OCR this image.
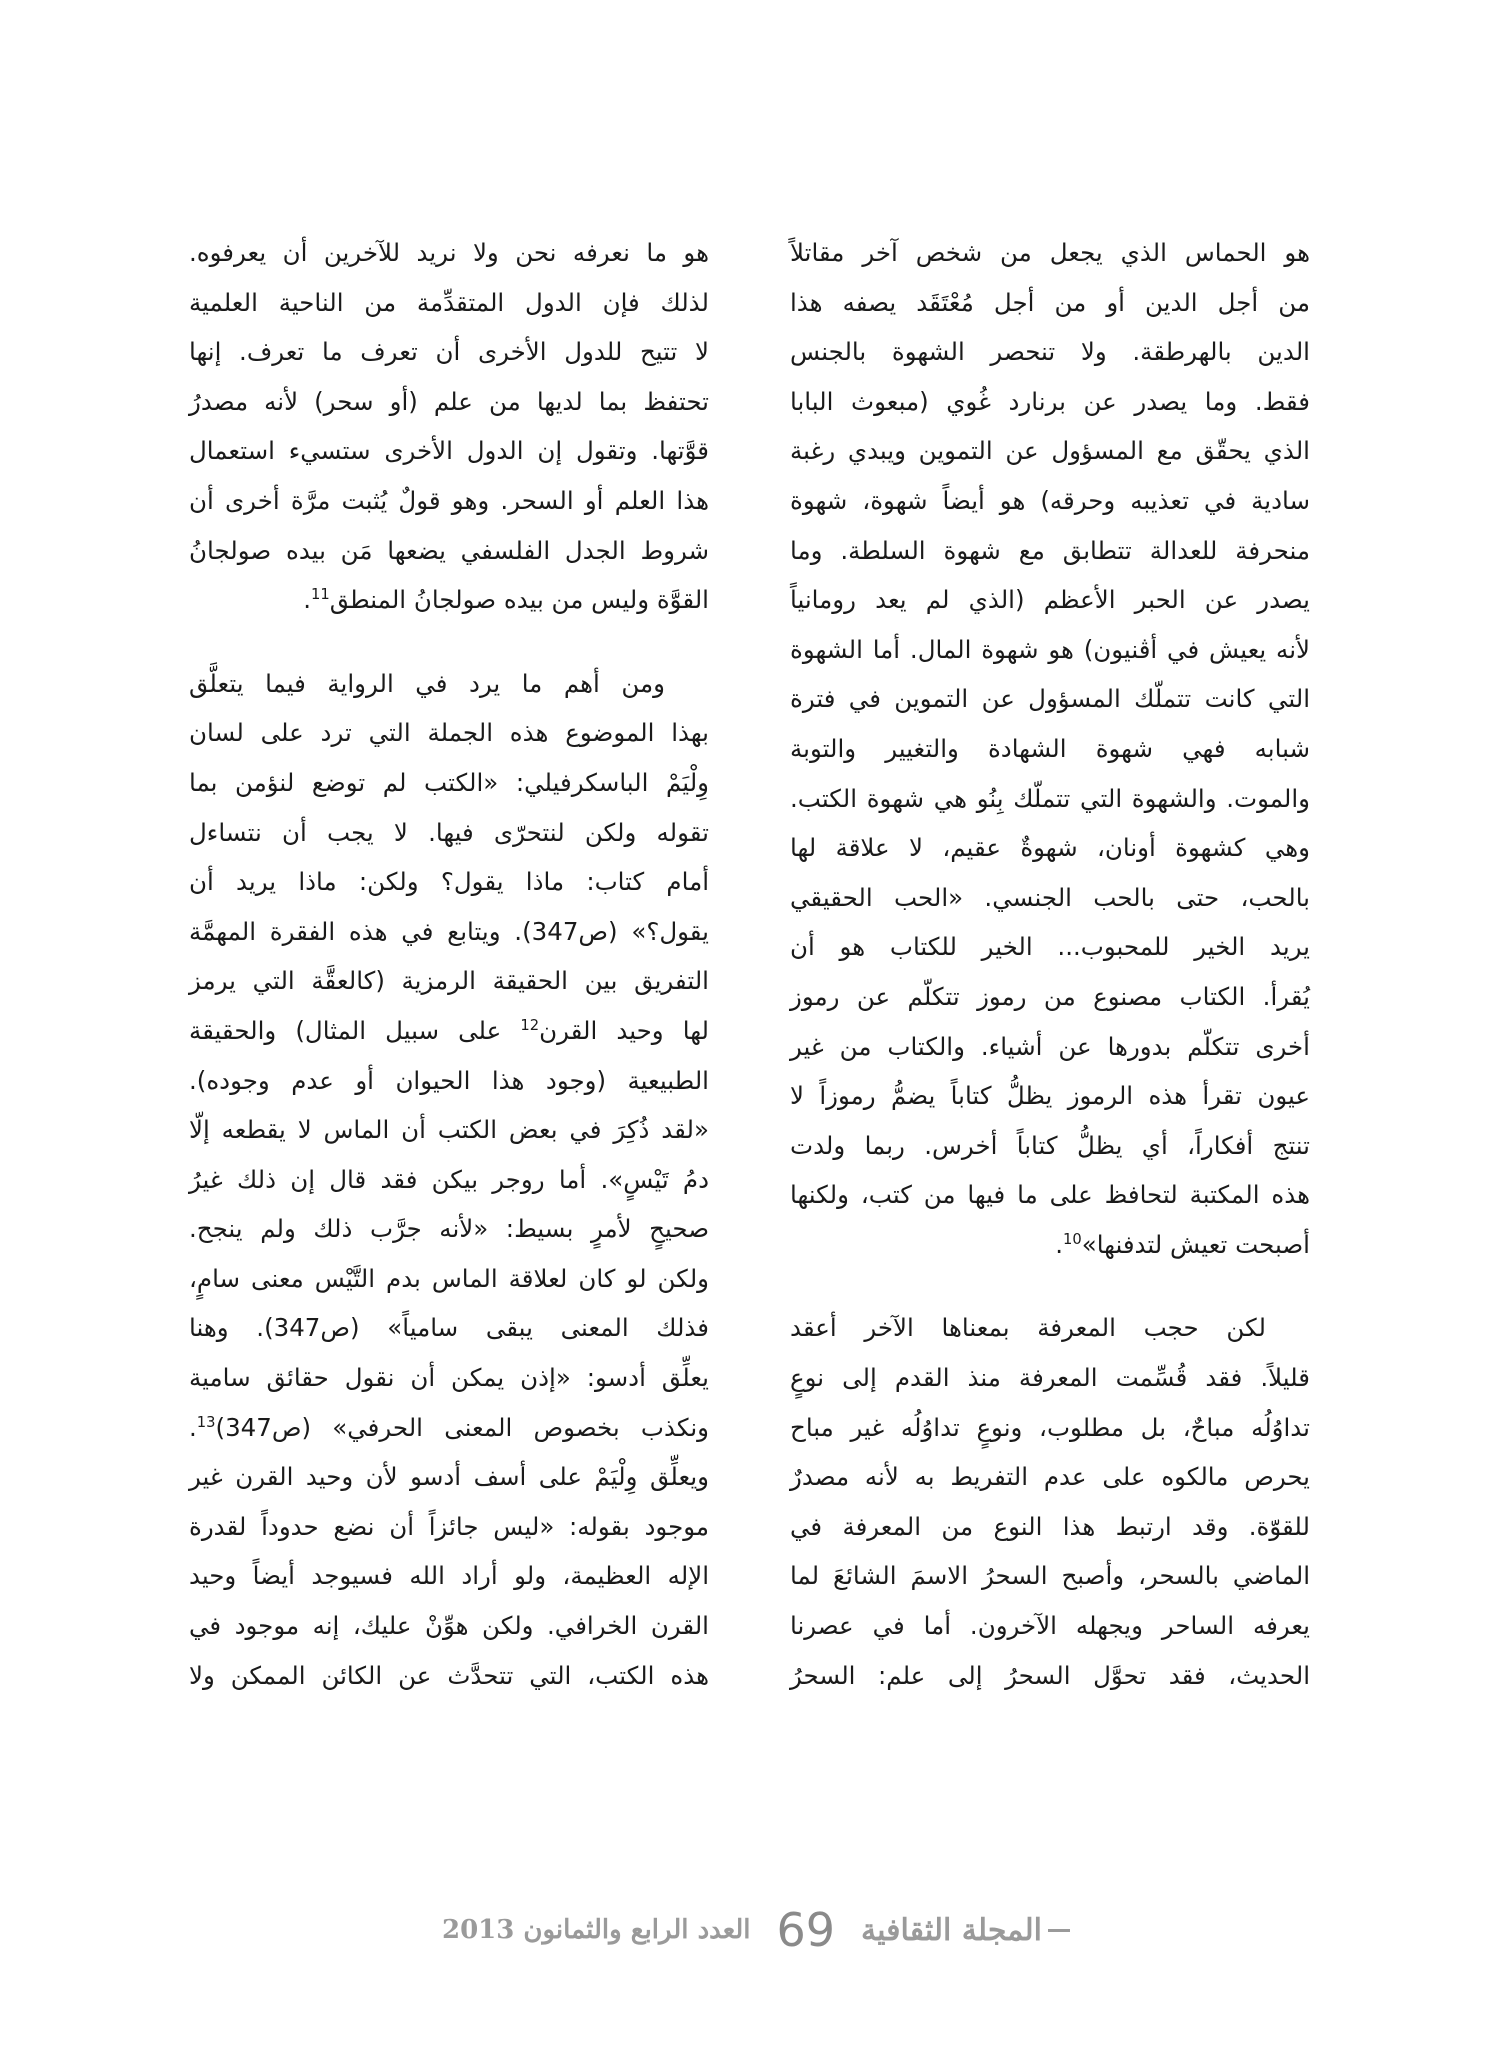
هو الحماس الذي يجعل من شخص آخر مقاتلاً
من أجل الدين أو من أجل مُعْتَقَد يصفه هذا
الدين بالهرطقة. ولا تنحصر الشهوة بالجنس
فقط. وما يصدر عن برنارد غُوي (مبعوث البابا
الذي يحقّق مع المسؤول عن التموين ويبدي رغبة
سادية في تعذيبه وحرقه) هو أيضاً شهوة، شهوة
منحرفة للعدالة تتطابق مع شهوة السلطة. وما
يصدر عن الحبر الأعظم (الذي لم يعد رومانياً
لأنه يعيش في أڤنيون) هو شهوة المال. أما الشهوة
التي كانت تتملّك المسؤول عن التموين في فترة
شبابه فهي شهوة الشهادة والتغيير والتوبة
والموت. والشهوة التي تتملّك بِنُو هي شهوة الكتب.
وهي كشهوة أونان، شهوةٌ عقيم، لا علاقة لها
بالحب، حتى بالحب الجنسي. «الحب الحقيقي
يريد الخير للمحبوب... الخير للكتاب هو أن
يُقرأ. الكتاب مصنوع من رموز تتكلّم عن رموز
أخرى تتكلّم بدورها عن أشياء. والكتاب من غير
عيون تقرأ هذه الرموز يظلُّ كتاباً يضمُّ رموزاً لا
تنتج أفكاراً، أي يظلُّ كتاباً أخرس. ربما ولدت
هذه المكتبة لتحافظ على ما فيها من كتب، ولكنها
أصبحت تعيش لتدفنها»$^{10}$.
لكن حجب المعرفة بمعناها الآخر أعقد
قليلاً. فقد قُسِّمت المعرفة منذ القدم إلى نوعٍ
تداوُلُه مباحٌ، بل مطلوب، ونوعٍ تداوُلُه غير مباح
يحرص مالكوه على عدم التفريط به لأنه مصدرٌ
للقوّة. وقد ارتبط هذا النوع من المعرفة في
الماضي بالسحر، وأصبح السحرُ الاسمَ الشائعَ لما
يعرفه الساحر ويجهله الآخرون. أما في عصرنا
الحديث، فقد تحوَّل السحرُ إلى علم: السحرُ
هو ما نعرفه نحن ولا نريد للآخرين أن يعرفوه.
لذلك فإن الدول المتقدِّمة من الناحية العلمية
لا تتيح للدول الأخرى أن تعرف ما تعرف. إنها
تحتفظ بما لديها من علم (أو سحر) لأنه مصدرُ
قوَّتها. وتقول إن الدول الأخرى ستسيء استعمال
هذا العلم أو السحر. وهو قولٌ يُثبت مرَّة أخرى أن
شروط الجدل الفلسفي يضعها مَن بيده صولجانُ
القوَّة وليس من بيده صولجانُ المنطق$^{11}$.
ومن أهم ما يرد في الرواية فيما يتعلَّق
بهذا الموضوع هذه الجملة التي ترد على لسان
وِلْيَمْ الباسكرفيلي: «الكتب لم توضع لنؤمن بما
تقوله ولكن لنتحرّى فيها. لا يجب أن نتساءل
أمام كتاب: ماذا يقول؟ ولكن: ماذا يريد أن
يقول؟» (ص347). ويتابع في هذه الفقرة المهمَّة
التفريق بين الحقيقة الرمزية (كالعقَّة التي يرمز
لها وحيد القرن$^{12}$ على سبيل المثال) والحقيقة
الطبيعية (وجود هذا الحيوان أو عدم وجوده).
«لقد ذُكِرَ في بعض الكتب أن الماس لا يقطعه إلّا
دمُ تَيْسٍ». أما روجر بيكن فقد قال إن ذلك غيرُ
صحيحٍ لأمرٍ بسيط: «لأنه جرَّب ذلك ولم ينجح.
ولكن لو كان لعلاقة الماس بدم التَّيْس معنى سامٍ،
فذلك المعنى يبقى سامياً» (ص347). وهنا
يعلِّق أدسو: «إذن يمكن أن نقول حقائق سامية
ونكذب بخصوص المعنى الحرفي» (ص347)$^{13}$.
ويعلِّق وِلْيَمْ على أسف أدسو لأن وحيد القرن غير
موجود بقوله: «ليس جائزاً أن نضع حدوداً لقدرة
الإله العظيمة، ولو أراد الله فسيوجد أيضاً وحيد
القرن الخرافي. ولكن هوِّنْ عليك، إنه موجود في
هذه الكتب، التي تتحدَّث عن الكائن الممكن ولا
المجلة الثقافية
69
العدد الرابع والثمانون 2013
